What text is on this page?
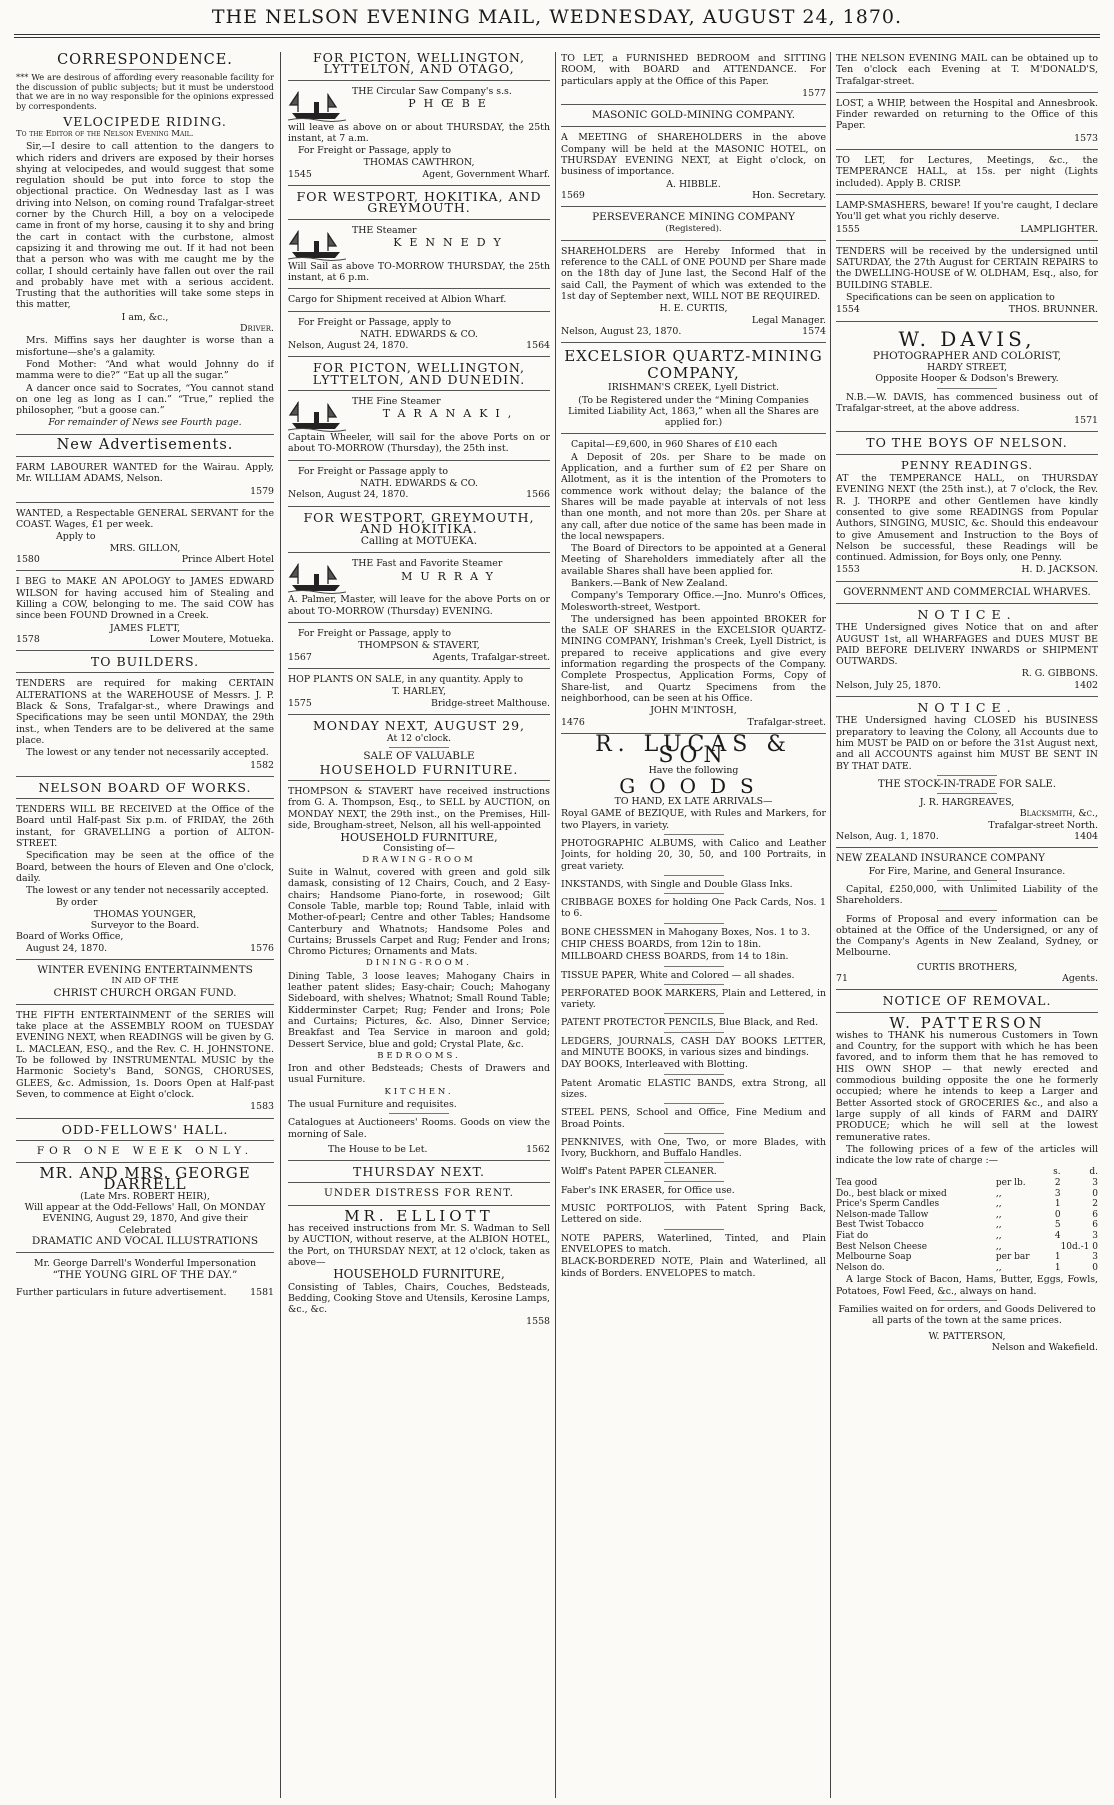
THE NELSON EVENING MAIL, WEDNESDAY, AUGUST 24, 1870.
CORRESPONDENCE.
*** We are desirous of affording every reasonable facility for the discussion of public subjects; but it must be understood that we are in no way responsible for the opinions expressed by correspondents.
VELOCIPEDE RIDING.
To the Editor of the Nelson Evening Mail.
Sir,—I desire to call attention to the dangers to which riders and drivers are exposed by their horses shying at velocipedes, and would suggest that some regulation should be put into force to stop the objectional practice. On Wednesday last as I was driving into Nelson, on coming round Trafalgar-street corner by the Church Hill, a boy on a velocipede came in front of my horse, causing it to shy and bring the cart in contact with the curbstone, almost capsizing it and throwing me out. If it had not been that a person who was with me caught me by the collar, I should certainly have fallen out over the rail and probably have met with a serious accident. Trusting that the authorities will take some steps in this matter,
I am, &c.,
Driver.
Mrs. Miffins says her daughter is worse than a misfortune—she's a galamity.
Fond Mother: “And what would Johnny do if mamma were to die?” “Eat up all the sugar.”
A dancer once said to Socrates, “You cannot stand on one leg as long as I can.” “True,” replied the philosopher, “but a goose can.”
For remainder of News see Fourth page.
New Advertisements.
FARM LABOURER WANTED for the Wairau. Apply, Mr. WILLIAM ADAMS, Nelson.
1579
WANTED, a Respectable GENERAL SERVANT for the COAST. Wages, £1 per week.
Apply to
MRS. GILLON,
1580	Prince Albert Hotel
I BEG to MAKE AN APOLOGY to JAMES EDWARD WILSON for having accused him of Stealing and Killing a COW, belonging to me. The said COW has since been FOUND Drowned in a Creek.
JAMES FLETT,
1578	Lower Moutere, Motueka.
TO BUILDERS.
TENDERS are required for making CERTAIN ALTERATIONS at the WAREHOUSE of Messrs. J. P. Black & Sons, Trafalgar-st., where Drawings and Specifications may be seen until MONDAY, the 29th inst., when Tenders are to be delivered at the same place.
The lowest or any tender not necessarily accepted.
1582
NELSON BOARD OF WORKS.
TENDERS WILL BE RECEIVED at the Office of the Board until Half-past Six p.m. of FRIDAY, the 26th instant, for GRAVELLING a portion of ALTON-STREET.
Specification may be seen at the office of the Board, between the hours of Eleven and One o'clock, daily.
The lowest or any tender not necessarily accepted.
By order
THOMAS YOUNGER,
Surveyor to the Board.
Board of Works Office,
August 24, 1870.	1576
WINTER EVENING ENTERTAINMENTS
IN AID OF THE
CHRIST CHURCH ORGAN FUND.
THE FIFTH ENTERTAINMENT of the SERIES will take place at the ASSEMBLY ROOM on TUESDAY EVENING NEXT, when READINGS will be given by G. L. MACLEAN, ESQ., and the Rev. C. H. JOHNSTONE. To be followed by INSTRUMENTAL MUSIC by the Harmonic Society's Band, SONGS, CHORUSES, GLEES, &c. Admission, 1s. Doors Open at Half-past Seven, to commence at Eight o'clock.
1583
ODD-FELLOWS' HALL.
FOR ONE WEEK ONLY.
MR. AND MRS. GEORGE DARRELL
(Late Mrs. ROBERT HEIR),
Will appear at the Odd-Fellows' Hall, On MONDAY EVENING, August 29, 1870, And give their Celebrated
DRAMATIC AND VOCAL ILLUSTRATIONS
Mr. George Darrell's Wonderful Impersonation
“THE YOUNG GIRL OF THE DAY.”
Further particulars in future advertisement.	1581
FOR PICTON, WELLINGTON, LYTTELTON, AND OTAGO,
THE Circular Saw Company's s.s.
PHŒBE
will leave as above on or about THURSDAY, the 25th instant, at 7 a.m.
For Freight or Passage, apply to
THOMAS CAWTHRON,
1545	Agent, Government Wharf.
FOR WESTPORT, HOKITIKA, AND GREYMOUTH.
THE Steamer
KENNEDY
Will Sail as above TO-MORROW THURSDAY, the 25th instant, at 6 p.m.
Cargo for Shipment received at Albion Wharf.
For Freight or Passage, apply to
NATH. EDWARDS & CO.
Nelson, August 24, 1870.	1564
FOR PICTON, WELLINGTON, LYTTELTON, AND DUNEDIN.
THE Fine Steamer
TARANAKI,
Captain Wheeler, will sail for the above Ports on or about TO-MORROW (Thursday), the 25th inst.
For Freight or Passage apply to
NATH. EDWARDS & CO.
Nelson, August 24, 1870.	1566
FOR WESTPORT, GREYMOUTH, AND HOKITIKA.
Calling at MOTUEKA.
THE Fast and Favorite Steamer
MURRAY
A. Palmer, Master, will leave for the above Ports on or about TO-MORROW (Thursday) EVENING.
For Freight or Passage, apply to
THOMPSON & STAVERT,
1567	Agents, Trafalgar-street.
HOP PLANTS ON SALE, in any quantity. Apply to
T. HARLEY,
1575	Bridge-street Malthouse.
MONDAY NEXT, AUGUST 29,
At 12 o'clock.
SALE OF VALUABLE
HOUSEHOLD FURNITURE.
THOMPSON & STAVERT have received instructions from G. A. Thompson, Esq., to SELL by AUCTION, on MONDAY NEXT, the 29th inst., on the Premises, Hill-side, Brougham-street, Nelson, all his well-appointed
HOUSEHOLD FURNITURE,
Consisting of—
DRAWING-ROOM
Suite in Walnut, covered with green and gold silk damask, consisting of 12 Chairs, Couch, and 2 Easy-chairs; Handsome Piano-forte, in rosewood; Gilt Console Table, marble top; Round Table, inlaid with Mother-of-pearl; Centre and other Tables; Handsome Canterbury and Whatnots; Handsome Poles and Curtains; Brussels Carpet and Rug; Fender and Irons; Chromo Pictures; Ornaments and Mats.
DINING-ROOM.
Dining Table, 3 loose leaves; Mahogany Chairs in leather patent slides; Easy-chair; Couch; Mahogany Sideboard, with shelves; Whatnot; Small Round Table; Kidderminster Carpet; Rug; Fender and Irons; Pole and Curtains; Pictures, &c. Also, Dinner Service; Breakfast and Tea Service in maroon and gold; Dessert Service, blue and gold; Crystal Plate, &c.
BEDROOMS.
Iron and other Bedsteads; Chests of Drawers and usual Furniture.
KITCHEN.
The usual Furniture and requisites.
Catalogues at Auctioneers' Rooms. Goods on view the morning of Sale.
The House to be Let.	1562
THURSDAY NEXT.
UNDER DISTRESS FOR RENT.
MR. ELLIOTT
has received instructions from Mr. S. Wadman to Sell by AUCTION, without reserve, at the ALBION HOTEL, the Port, on THURSDAY NEXT, at 12 o'clock, taken as above—
HOUSEHOLD FURNITURE,
Consisting of Tables, Chairs, Couches, Bedsteads, Bedding, Cooking Stove and Utensils, Kerosine Lamps, &c., &c.
1558
TO LET, a FURNISHED BEDROOM and SITTING ROOM, with BOARD and ATTENDANCE. For particulars apply at the Office of this Paper.
1577
MASONIC GOLD-MINING COMPANY.
A MEETING of SHAREHOLDERS in the above Company will be held at the MASONIC HOTEL, on THURSDAY EVENING NEXT, at Eight o'clock, on business of importance.
A. HIBBLE.
1569	Hon. Secretary.
PERSEVERANCE MINING COMPANY
(Registered).
SHAREHOLDERS are Hereby Informed that in reference to the CALL of ONE POUND per Share made on the 18th day of June last, the Second Half of the said Call, the Payment of which was extended to the 1st day of September next, WILL NOT BE REQUIRED.
H. E. CURTIS,
Legal Manager.
Nelson, August 23, 1870.	1574
EXCELSIOR QUARTZ-MINING COMPANY,
IRISHMAN'S CREEK, Lyell District.
(To be Registered under the “Mining Companies Limited Liability Act, 1863,” when all the Shares are applied for.)
Capital—£9,600, in 960 Shares of £10 each
A Deposit of 20s. per Share to be made on Application, and a further sum of £2 per Share on Allotment, as it is the intention of the Promoters to commence work without delay; the balance of the Shares will be made payable at intervals of not less than one month, and not more than 20s. per Share at any call, after due notice of the same has been made in the local newspapers.
The Board of Directors to be appointed at a General Meeting of Shareholders immediately after all the available Shares shall have been applied for.
Bankers.—Bank of New Zealand.
Company's Temporary Office.—Jno. Munro's Offices, Molesworth-street, Westport.
The undersigned has been appointed BROKER for the SALE OF SHARES in the EXCELSIOR QUARTZ-MINING COMPANY, Irishman's Creek, Lyell District, is prepared to receive applications and give every information regarding the prospects of the Company. Complete Prospectus, Application Forms, Copy of Share-list, and Quartz Specimens from the neighborhood, can be seen at his Office.
JOHN M'INTOSH,
1476	Trafalgar-street.
R. LUCAS & SON
Have the following
GOODS
TO HAND, EX LATE ARRIVALS—
Royal GAME of BEZIQUE, with Rules and Markers, for two Players, in variety.
PHOTOGRAPHIC ALBUMS, with Calico and Leather Joints, for holding 20, 30, 50, and 100 Portraits, in great variety.
INKSTANDS, with Single and Double Glass Inks.
CRIBBAGE BOXES for holding One Pack Cards, Nos. 1 to 6.
BONE CHESSMEN in Mahogany Boxes, Nos. 1 to 3.
CHIP CHESS BOARDS, from 12in to 18in.
MILLBOARD CHESS BOARDS, from 14 to 18in.
TISSUE PAPER, White and Colored — all shades.
PERFORATED BOOK MARKERS, Plain and Lettered, in variety.
PATENT PROTECTOR PENCILS, Blue Black, and Red.
LEDGERS, JOURNALS, CASH DAY BOOKS LETTER, and MINUTE BOOKS, in various sizes and bindings.
DAY BOOKS, Interleaved with Blotting.
Patent Aromatic ELASTIC BANDS, extra Strong, all sizes.
STEEL PENS, School and Office, Fine Medium and Broad Points.
PENKNIVES, with One, Two, or more Blades, with Ivory, Buckhorn, and Buffalo Handles.
Wolff's Patent PAPER CLEANER.
Faber's INK ERASER, for Office use.
MUSIC PORTFOLIOS, with Patent Spring Back, Lettered on side.
NOTE PAPERS, Waterlined, Tinted, and Plain ENVELOPES to match.
BLACK-BORDERED NOTE, Plain and Waterlined, all kinds of Borders. ENVELOPES to match.
THE NELSON EVENING MAIL can be obtained up to Ten o'clock each Evening at T. M'DONALD'S, Trafalgar-street.
LOST, a WHIP, between the Hospital and Annesbrook. Finder rewarded on returning to the Office of this Paper.
1573
TO LET, for Lectures, Meetings, &c., the TEMPERANCE HALL, at 15s. per night (Lights included). Apply B. CRISP.
LAMP-SMASHERS, beware! If you're caught, I declare You'll get what you richly deserve.
1555	LAMPLIGHTER.
TENDERS will be received by the undersigned until SATURDAY, the 27th August for CERTAIN REPAIRS to the DWELLING-HOUSE of W. OLDHAM, Esq., also, for BUILDING STABLE.
Specifications can be seen on application to
1554	THOS. BRUNNER.
W. DAVIS,
PHOTOGRAPHER AND COLORIST,
HARDY STREET,
Opposite Hooper & Dodson's Brewery.
N.B.—W. DAVIS, has commenced business out of Trafalgar-street, at the above address.
1571
TO THE BOYS OF NELSON.
PENNY READINGS.
AT the TEMPERANCE HALL, on THURSDAY EVENING NEXT (the 25th inst.), at 7 o'clock, the Rev. R. J. THORPE and other Gentlemen have kindly consented to give some READINGS from Popular Authors, SINGING, MUSIC, &c. Should this endeavour to give Amusement and Instruction to the Boys of Nelson be successful, these Readings will be continued. Admission, for Boys only, one Penny.
1553	H. D. JACKSON.
GOVERNMENT AND COMMERCIAL WHARVES.
NOTICE.
THE Undersigned gives Notice that on and after AUGUST 1st, all WHARFAGES and DUES MUST BE PAID BEFORE DELIVERY INWARDS or SHIPMENT OUTWARDS.
R. G. GIBBONS.
Nelson, July 25, 1870.	1402
NOTICE.
THE Undersigned having CLOSED his BUSINESS preparatory to leaving the Colony, all Accounts due to him MUST be PAID on or before the 31st August next, and all ACCOUNTS against him MUST BE SENT IN BY THAT DATE.
THE STOCK-IN-TRADE FOR SALE.
J. R. HARGREAVES,
Blacksmith, &c.,
Trafalgar-street North.
Nelson, Aug. 1, 1870.	1404
NEW ZEALAND INSURANCE COMPANY
For Fire, Marine, and General Insurance.
Capital, £250,000, with Unlimited Liability of the Shareholders.
Forms of Proposal and every information can be obtained at the Office of the Undersigned, or any of the Company's Agents in New Zealand, Sydney, or Melbourne.
CURTIS BROTHERS,
71	Agents.
NOTICE OF REMOVAL.
W. PATTERSON
wishes to THANK his numerous Customers in Town and Country, for the support with which he has been favored, and to inform them that he has removed to HIS OWN SHOP — that newly erected and commodious building opposite the one he formerly occupied; where he intends to keep a Larger and Better Assorted stock of GROCERIES &c., and also a large supply of all kinds of FARM and DAIRY PRODUCE; which he will sell at the lowest remunerative rates.
The following prices of a few of the articles will indicate the low rate of charge :—
		s.	d.
Tea good	per lb.	2	3
Do., best black or mixed	,,	3	0
Price's Sperm Candles	,,	1	2
Nelson-made Tallow	,,	0	6
Best Twist Tobacco	,,	5	6
Fiat do	,,	4	3
Best Nelson Cheese	,,		10d.-1 0
Melbourne Soap	per bar	1	3
Nelson do.	,,	1	0
A large Stock of Bacon, Hams, Butter, Eggs, Fowls, Potatoes, Fowl Feed, &c., always on hand.
Families waited on for orders, and Goods Delivered to all parts of the town at the same prices.
W. PATTERSON,
Nelson and Wakefield.
